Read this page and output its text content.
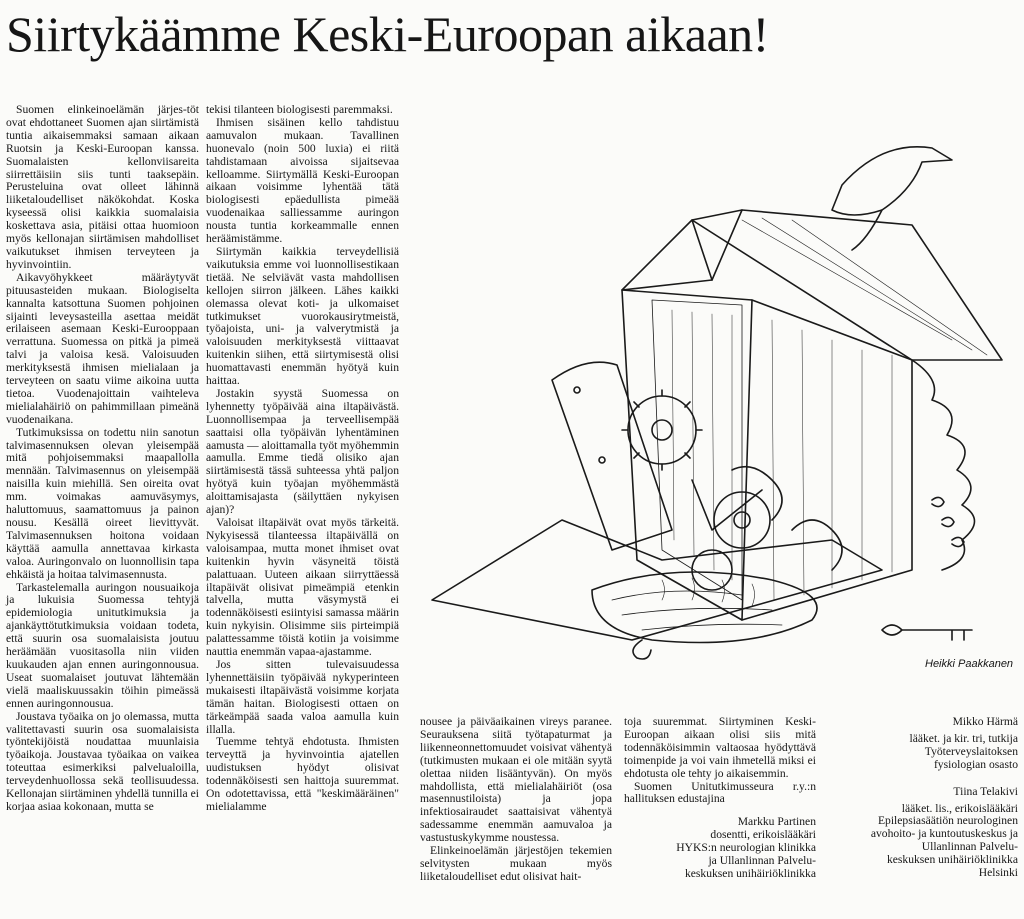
Siirtykäämme Keski-Euroopan aikaan!

Suomen elinkeinoelämän järjes-töt ovat ehdottaneet Suomen ajan siirtämistä tuntia aikaisemmaksi samaan aikaan Ruotsin ja Keski-Euroopan kanssa. Suomalaisten kellonviisareita siirrettäisiin siis tunti taaksepäin. Perusteluina ovat olleet lähinnä liiketaloudelliset näkökohdat. Koska kyseessä olisi kaikkia suomalaisia koskettava asia, pitäisi ottaa huomioon myös kellonajan siirtämisen mahdolliset vaikutukset ihmisen terveyteen ja hyvinvointiin.

Aikavyöhykkeet määräytyvät pituusasteiden mukaan. Biologiselta kannalta katsottuna Suomen pohjoinen sijainti leveysasteilla asettaa meidät erilaiseen asemaan Keski-Eurooppaan verrattuna. Suomessa on pitkä ja pimeä talvi ja valoisa kesä. Valoisuuden merkityksestä ihmisen mielialaan ja terveyteen on saatu viime aikoina uutta tietoa. Vuodenajoittain vaihteleva mielialahäiriö on pahimmillaan pimeänä vuodenaikana.

Tutkimuksissa on todettu niin sanotun talvimasennuksen olevan yleisempää mitä pohjoisemmaksi maapallolla mennään. Talvimasennus on yleisempää naisilla kuin miehillä. Sen oireita ovat mm. voimakas aamuväsymys, haluttomuus, saamattomuus ja painon nousu. Kesällä oireet lievittyvät. Talvimasennuksen hoitona voidaan käyttää aamulla annettavaa kirkasta valoa. Auringonvalo on luonnollisin tapa ehkäistä ja hoitaa talvimasennusta.

Tarkastelemalla auringon nousuaikoja ja lukuisia Suomessa tehtyjä epidemiologia unitutkimuksia ja ajankäyttötutkimuksia voidaan todeta, että suurin osa suomalaisista joutuu heräämään vuositasolla niin viiden kuukauden ajan ennen auringonnousua. Useat suomalaiset joutuvat lähtemään vielä maaliskuussakin töihin pimeässä ennen auringonnousua.

Joustava työaika on jo olemassa, mutta valitettavasti suurin osa suomalaisista työntekijöistä noudattaa muunlaisia työaikoja. Joustavaa työaikaa on vaikea toteuttaa esimerkiksi palvelualoilla, terveydenhuollossa sekä teollisuudessa. Kellonajan siirtäminen yhdellä tunnilla ei korjaa asiaa kokonaan, mutta se

tekisi tilanteen biologisesti paremmaksi.

Ihmisen sisäinen kello tahdistuu aamuvalon mukaan. Tavallinen huonevalo (noin 500 luxia) ei riitä tahdistamaan aivoissa sijaitsevaa kelloamme. Siirtymällä Keski-Euroopan aikaan voisimme lyhentää tätä biologisesti epäedullista pimeää vuodenaikaa salliessamme auringon nousta tuntia korkeammalle ennen heräämistämme.

Siirtymän kaikkia terveydellisiä vaikutuksia emme voi luonnollisestikaan tietää. Ne selviävät vasta mahdollisen kellojen siirron jälkeen. Lähes kaikki olemassa olevat koti- ja ulkomaiset tutkimukset vuorokausirytmeistä, työajoista, uni- ja valverytmistä ja valoisuuden merkityksestä viittaavat kuitenkin siihen, että siirtymisestä olisi huomattavasti enemmän hyötyä kuin haittaa.

Jostakin syystä Suomessa on lyhennetty työpäivää aina iltapäivästä. Luonnollisempaa ja terveellisempää saattaisi olla työpäivän lyhentäminen aamusta — aloittamalla työt myöhemmin aamulla. Emme tiedä olisiko ajan siirtämisestä tässä suhteessa yhtä paljon hyötyä kuin työajan myöhemmästä aloittamisajasta (säilyttäen nykyisen ajan)?

Valoisat iltapäivät ovat myös tärkeitä. Nykyisessä tilanteessa iltapäivällä on valoisampaa, mutta monet ihmiset ovat kuitenkin hyvin väsyneitä töistä palattuaan. Uuteen aikaan siirryttäessä iltapäivät olisivat pimeämpiä etenkin talvella, mutta väsymystä ei todennäköisesti esiintyisi samassa määrin kuin nykyisin. Olisimme siis pirteimpiä palattessamme töistä kotiin ja voisimme nauttia enemmän vapaa-ajastamme.

Jos sitten tulevaisuudessa lyhennettäisiin työpäivää nykyperinteen mukaisesti iltapäivästä voisimme korjata tämän haitan. Biologisesti ottaen on tärkeämpää saada valoa aamulla kuin illalla.

Tuemme tehtyä ehdotusta. Ihmisten terveyttä ja hyvinvointia ajatellen uudistuksen hyödyt olisivat todennäköisesti sen haittoja suuremmat. On odotettavissa, että "keskimääräinen" mielialamme

Heikki Paakkanen

nousee ja päiväaikainen vireys paranee. Seurauksena siitä työtapaturmat ja liikenneonnettomuudet voisivat vähentyä (tutkimusten mukaan ei ole mitään syytä olettaa niiden lisääntyvän). On myös mahdollista, että mielialahäiriöt (osa masennustiloista) ja jopa infektiosairaudet saattaisivat vähentyä sadessamme enemmän aamuvaloa ja vastustuskykymme noustessa.

Elinkeinoelämän järjestöjen tekemien selvitysten mukaan myös liiketaloudelliset edut olisivat hait-

toja suuremmat. Siirtyminen Keski-Euroopan aikaan olisi siis mitä todennäköisimmin valtaosaa hyödyttävä toimenpide ja voi vain ihmetellä miksi ei ehdotusta ole tehty jo aikaisemmin.

Suomen Unitutkimusseura r.y.:n hallituksen edustajina

Markku Partinen

dosentti, erikoislääkäri

HYKS:n neurologian klinikka

ja Ullanlinnan Palvelu-

keskuksen unihäiriöklinikka

Mikko Härmä

lääket. ja kir. tri, tutkija

Työterveyslaitoksen

fysiologian osasto

Tiina Telakivi

lääket. lis., erikoislääkäri

Epilepsiasäätiön neurologinen

avohoito- ja kuntoutuskeskus ja

Ullanlinnan Palvelu-

keskuksen unihäiriöklinikka

Helsinki
